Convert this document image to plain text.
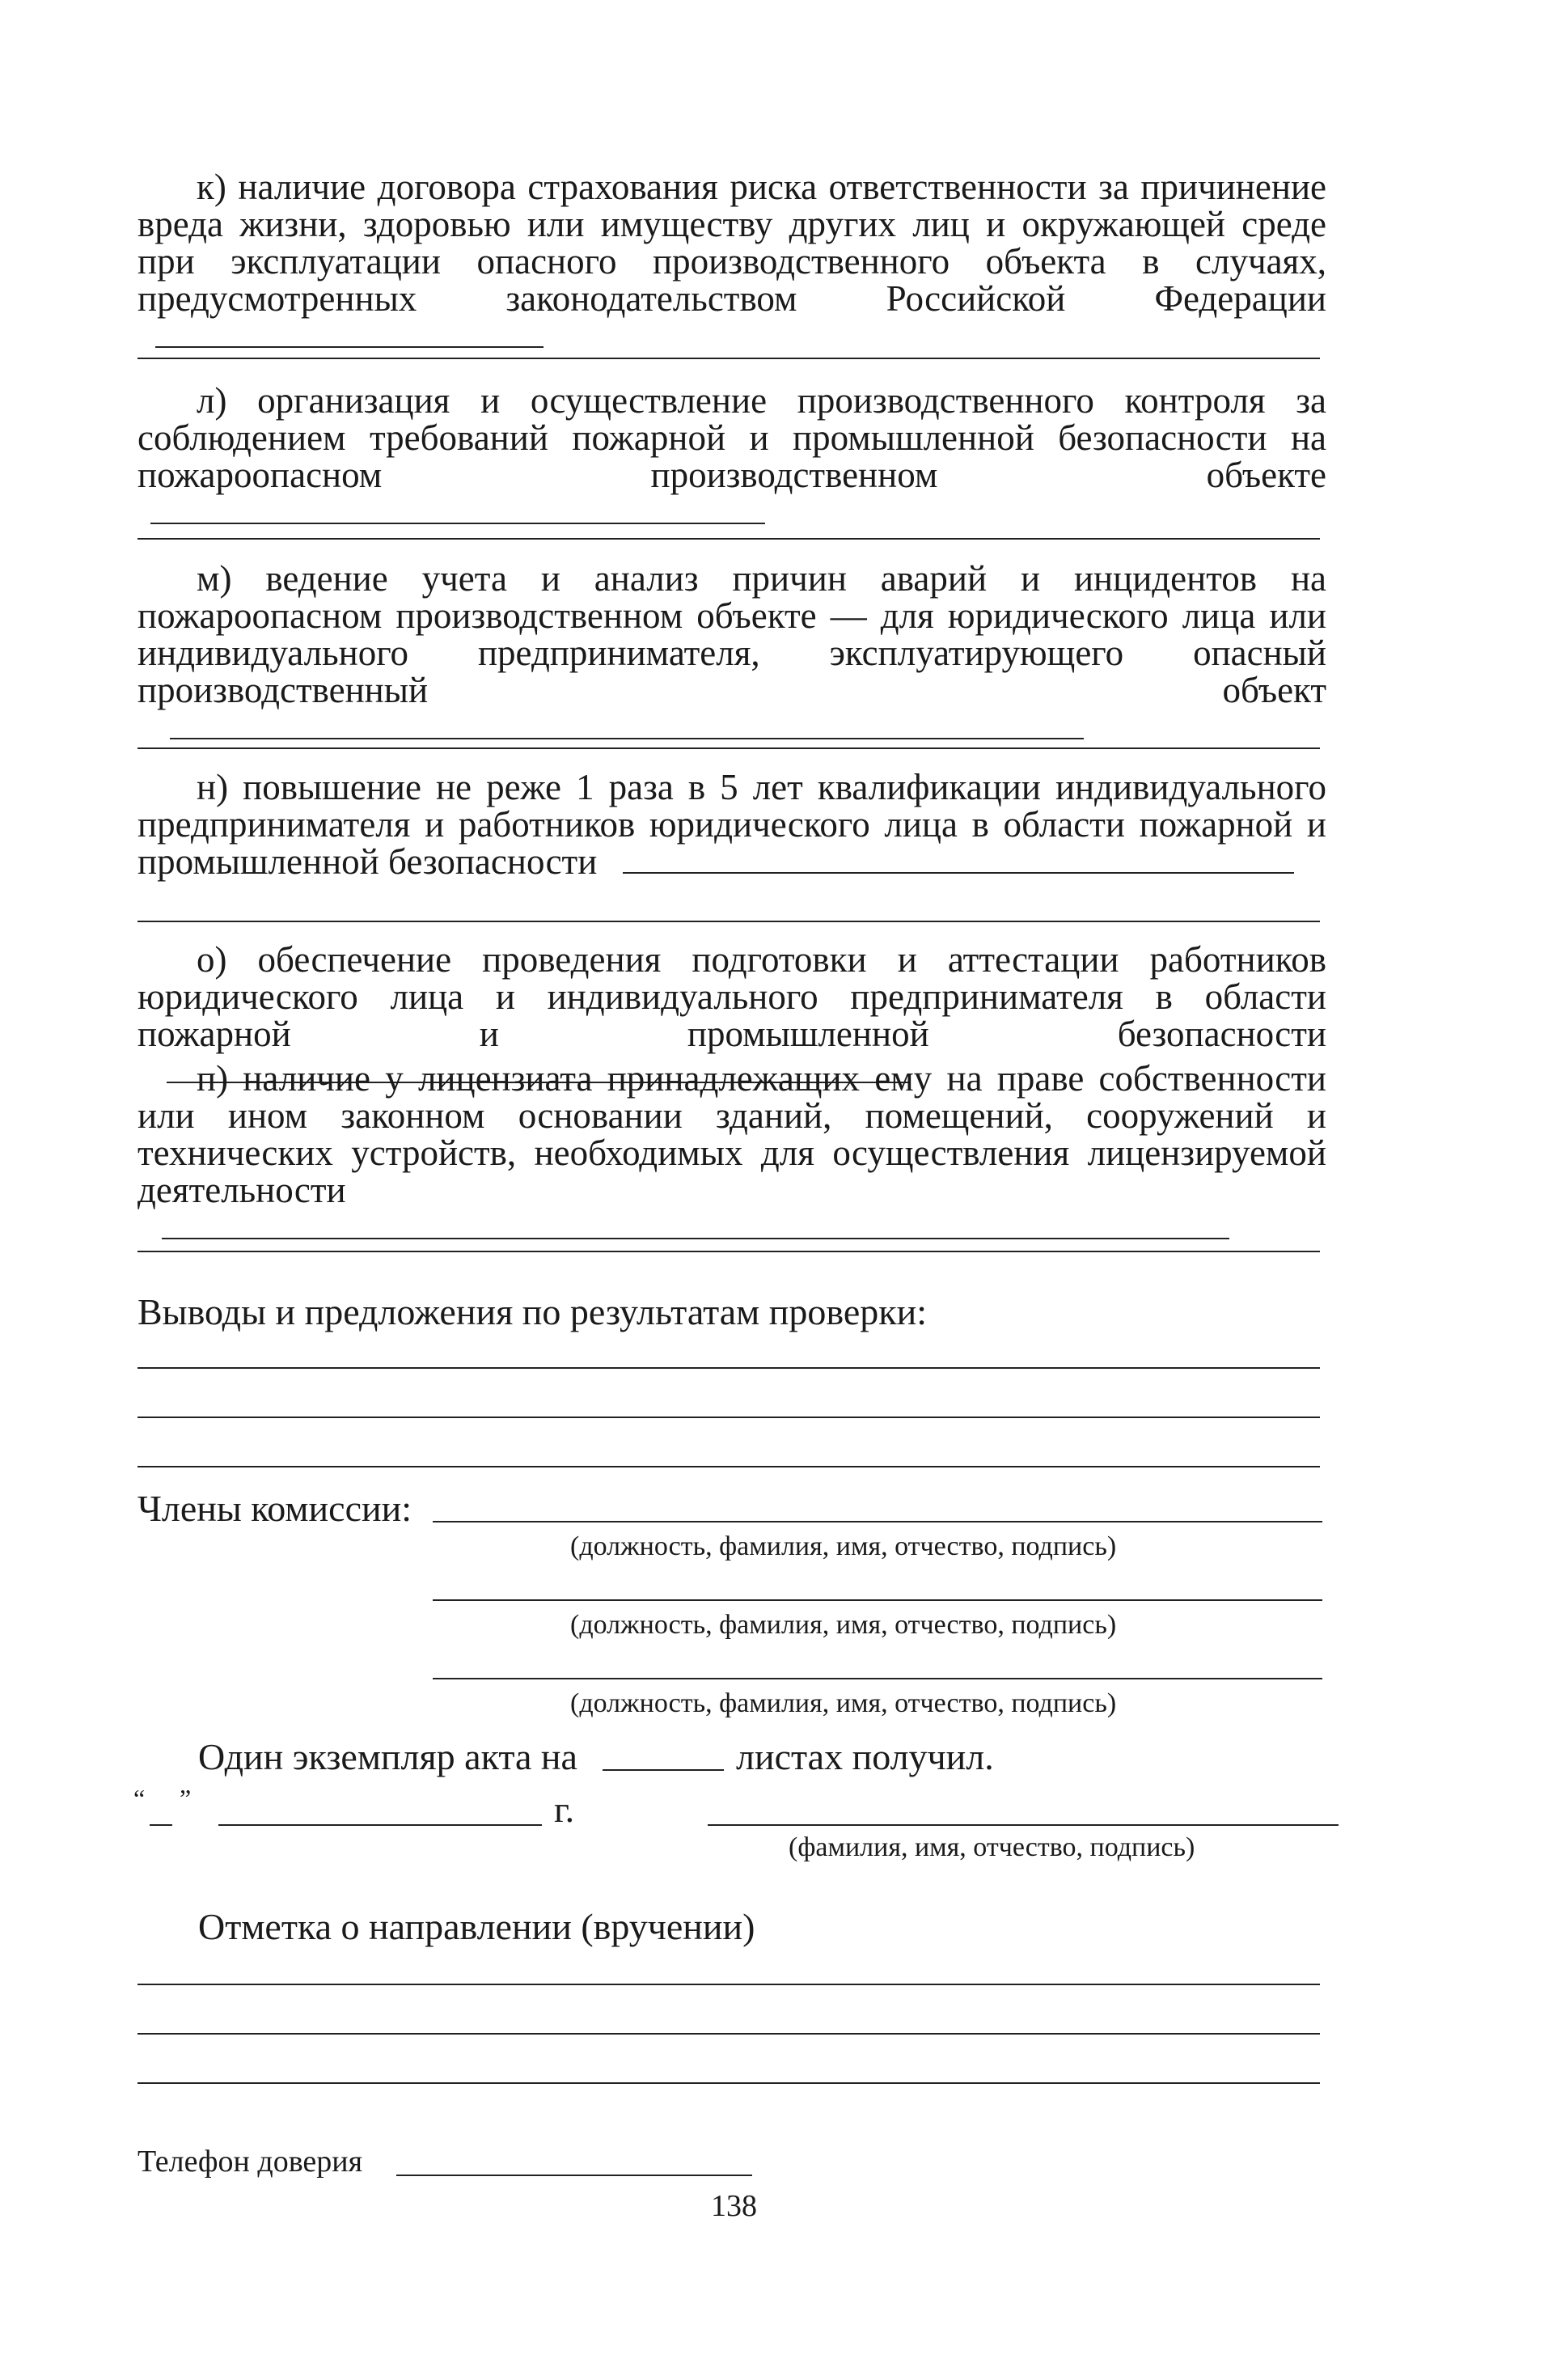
к) наличие договора страхования риска ответственности за причинение вреда жизни, здоровью или имуществу других лиц и окружающей среде при эксплуатации опасного производственного объекта в случаях, предусмотренных законодательством Российской Федерации
л) организация и осуществление производственного контроля за соблюдением требований пожарной и промышленной безопасности на пожароопасном производственном объекте
м) ведение учета и анализ причин аварий и инцидентов на пожароопасном производственном объекте — для юридического лица или индивидуального предпринимателя, эксплуатирующего опасный производственный объект
н) повышение не реже 1 раза в 5 лет квалификации индивидуального предпринимателя и работников юридического лица в области пожарной и промышленной безопасности
о) обеспечение проведения подготовки и аттестации работников юридического лица и индивидуального предпринимателя в области пожарной и промышленной безопасности
п) наличие у лицензиата принадлежащих ему на праве собственности или ином законном основании зданий, помещений, сооружений и технических устройств, необходимых для осуществления лицензируемой деятельности
Выводы и предложения по результатам проверки:
Члены комиссии:
(должность, фамилия, имя, отчество, подпись)
(должность, фамилия, имя, отчество, подпись)
(должность, фамилия, имя, отчество, подпись)
Один экземпляр акта на	листах получил.
“ ”	г.
(фамилия, имя, отчество, подпись)
Отметка о направлении (вручении)
Телефон доверия
138
